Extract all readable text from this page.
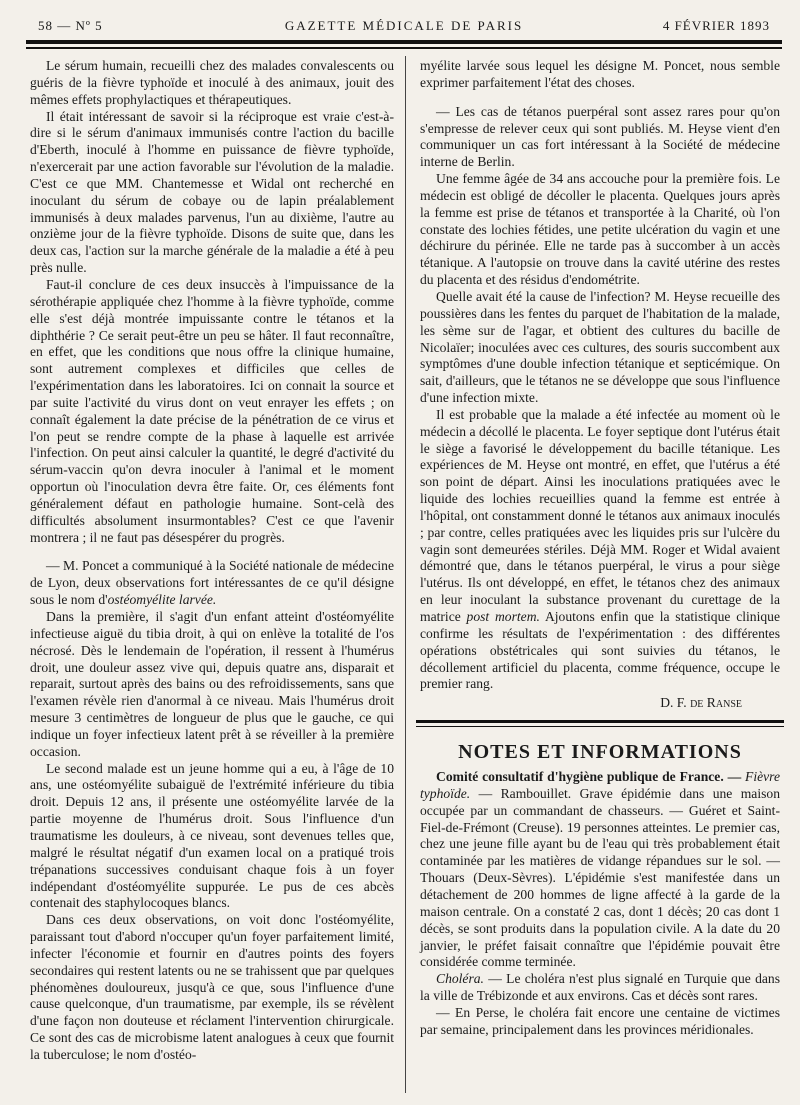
58 — Nº 5	GAZETTE MÉDICALE DE PARIS	4 FÉVRIER 1893

Le sérum humain, recueilli chez des malades convalescents ou guéris de la fièvre typhoïde et inoculé à des animaux, jouit des mêmes effets prophylactiques et thérapeutiques.

Il était intéressant de savoir si la réciproque est vraie c'est-à-dire si le sérum d'animaux immunisés contre l'action du bacille d'Eberth, inoculé à l'homme en puissance de fièvre typhoïde, n'exercerait par une action favorable sur l'évolution de la maladie. C'est ce que MM. Chantemesse et Widal ont recherché en inoculant du sérum de cobaye ou de lapin préalablement immunisés à deux malades parvenus, l'un au dixième, l'autre au onzième jour de la fièvre typhoïde. Disons de suite que, dans les deux cas, l'action sur la marche générale de la maladie a été à peu près nulle.

Faut-il conclure de ces deux insuccès à l'impuissance de la sérothérapie appliquée chez l'homme à la fièvre typhoïde, comme elle s'est déjà montrée impuissante contre le tétanos et la diphthérie ? Ce serait peut-être un peu se hâter. Il faut reconnaître, en effet, que les conditions que nous offre la clinique humaine, sont autrement complexes et difficiles que celles de l'expérimentation dans les laboratoires. Ici on connait la source et par suite l'activité du virus dont on veut enrayer les effets ; on connaît également la date précise de la pénétration de ce virus et l'on peut se rendre compte de la phase à laquelle est arrivée l'infection. On peut ainsi calculer la quantité, le degré d'activité du sérum-vaccin qu'on devra inoculer à l'animal et le moment opportun où l'inoculation devra être faite. Or, ces éléments font généralement défaut en pathologie humaine. Sont-celà des difficultés absolument insurmontables? C'est ce que l'avenir montrera ; il ne faut pas désespérer du progrès.

— M. Poncet a communiqué à la Société nationale de médecine de Lyon, deux observations fort intéressantes de ce qu'il désigne sous le nom d'ostéomyélite larvée.

Dans la première, il s'agit d'un enfant atteint d'ostéomyélite infectieuse aiguë du tibia droit, à qui on enlève la totalité de l'os nécrosé. Dès le lendemain de l'opération, il ressent à l'humérus droit, une douleur assez vive qui, depuis quatre ans, disparait et reparait, surtout après des bains ou des refroidissements, sans que l'examen révèle rien d'anormal à ce niveau. Mais l'humérus droit mesure 3 centimètres de longueur de plus que le gauche, ce qui indique un foyer infectieux latent prêt à se réveiller à la première occasion.

Le second malade est un jeune homme qui a eu, à l'âge de 10 ans, une ostéomyélite subaiguë de l'extrémité inférieure du tibia droit. Depuis 12 ans, il présente une ostéomyélite larvée de la partie moyenne de l'humérus droit. Sous l'influence d'un traumatisme les douleurs, à ce niveau, sont devenues telles que, malgré le résultat négatif d'un examen local on a pratiqué trois trépanations successives conduisant chaque fois à un foyer indépendant d'ostéomyélite suppurée. Le pus de ces abcès contenait des staphylocoques blancs.

Dans ces deux observations, on voit donc l'ostéomyélite, paraissant tout d'abord n'occuper qu'un foyer parfaitement limité, infecter l'économie et fournir en d'autres points des foyers secondaires qui restent latents ou ne se trahissent que par quelques phénomènes douloureux, jusqu'à ce que, sous l'influence d'une cause quelconque, d'un traumatisme, par exemple, ils se révèlent d'une façon non douteuse et réclament l'intervention chirurgicale. Ce sont des cas de microbisme latent analogues à ceux que fournit la tuberculose; le nom d'ostéo-

myélite larvée sous lequel les désigne M. Poncet, nous semble exprimer parfaitement l'état des choses.

— Les cas de tétanos puerpéral sont assez rares pour qu'on s'empresse de relever ceux qui sont publiés. M. Heyse vient d'en communiquer un cas fort intéressant à la Société de médecine interne de Berlin.

Une femme âgée de 34 ans accouche pour la première fois. Le médecin est obligé de décoller le placenta. Quelques jours après la femme est prise de tétanos et transportée à la Charité, où l'on constate des lochies fétides, une petite ulcération du vagin et une déchirure du périnée. Elle ne tarde pas à succomber à un accès tétanique. A l'autopsie on trouve dans la cavité utérine des restes du placenta et des résidus d'endométrite.

Quelle avait été la cause de l'infection? M. Heyse recueille des poussières dans les fentes du parquet de l'habitation de la malade, les sème sur de l'agar, et obtient des cultures du bacille de Nicolaïer; inoculées avec ces cultures, des souris succombent aux symptômes d'une double infection tétanique et septicémique. On sait, d'ailleurs, que le tétanos ne se développe que sous l'influence d'une infection mixte.

Il est probable que la malade a été infectée au moment où le médecin a décollé le placenta. Le foyer septique dont l'utérus était le siège a favorisé le développement du bacille tétanique. Les expériences de M. Heyse ont montré, en effet, que l'utérus a été son point de départ. Ainsi les inoculations pratiquées avec le liquide des lochies recueillies quand la femme est entrée à l'hôpital, ont constamment donné le tétanos aux animaux inoculés ; par contre, celles pratiquées avec les liquides pris sur l'ulcère du vagin sont demeurées stériles. Déjà MM. Roger et Widal avaient démontré que, dans le tétanos puerpéral, le virus a pour siège l'utérus. Ils ont développé, en effet, le tétanos chez des animaux en leur inoculant la substance provenant du curettage de la matrice post mortem. Ajoutons enfin que la statistique clinique confirme les résultats de l'expérimentation : des différentes opérations obstétricales qui sont suivies du tétanos, le décollement artificiel du placenta, comme fréquence, occupe le premier rang.

D. F. de Ranse
NOTES ET INFORMATIONS

Comité consultatif d'hygiène publique de France. — Fièvre typhoïde. — Rambouillet. Grave épidémie dans une maison occupée par un commandant de chasseurs. — Guéret et Saint-Fiel-de-Frémont (Creuse). 19 personnes atteintes. Le premier cas, chez une jeune fille ayant bu de l'eau qui très probablement était contaminée par les matières de vidange répandues sur le sol. — Thouars (Deux-Sèvres). L'épidémie s'est manifestée dans un détachement de 200 hommes de ligne affecté à la garde de la maison centrale. On a constaté 2 cas, dont 1 décès; 20 cas dont 1 décès, se sont produits dans la population civile. A la date du 20 janvier, le préfet faisait connaître que l'épidémie pouvait être considérée comme terminée.

Choléra. — Le choléra n'est plus signalé en Turquie que dans la ville de Trébizonde et aux environs. Cas et décès sont rares.

— En Perse, le choléra fait encore une centaine de victimes par semaine, principalement dans les provinces méridionales.
